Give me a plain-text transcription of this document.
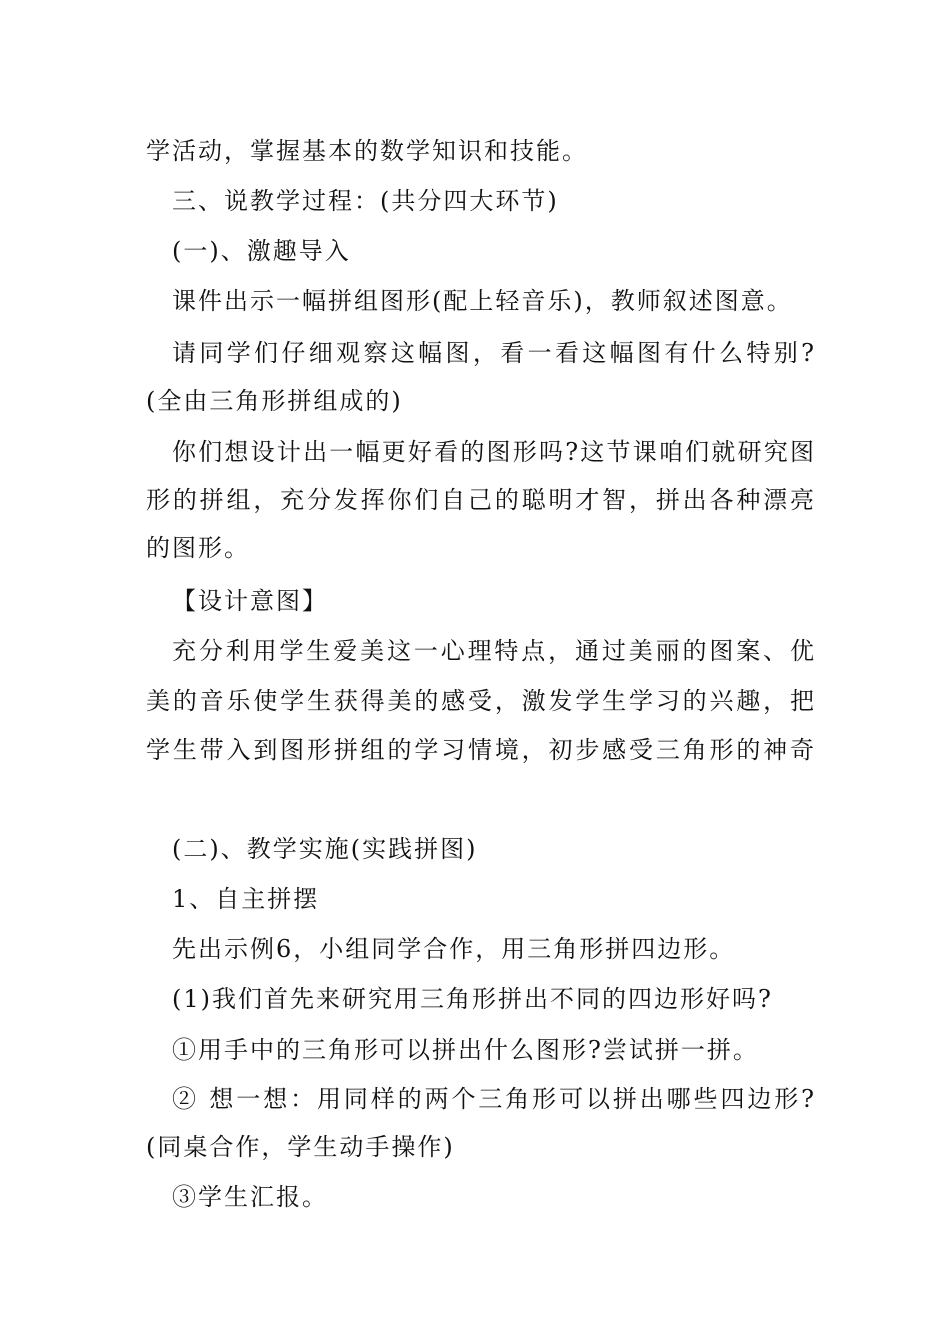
学活动，掌握基本的数学知识和技能。
三、说教学过程：(共分四大环节)
(一)、激趣导入
课件出示一幅拼组图形(配上轻音乐)，教师叙述图意。
请同学们仔细观察这幅图，看一看这幅图有什么特别?
(全由三角形拼组成的)
你们想设计出一幅更好看的图形吗?这节课咱们就研究图
形的拼组，充分发挥你们自己的聪明才智，拼出各种漂亮
的图形。
【设计意图】
充分利用学生爱美这一心理特点，通过美丽的图案、优
美的音乐使学生获得美的感受，激发学生学习的兴趣，把
学生带入到图形拼组的学习情境，初步感受三角形的神奇
(二)、教学实施(实践拼图)
1、自主拼摆
先出示例6，小组同学合作，用三角形拼四边形。
(1)我们首先来研究用三角形拼出不同的四边形好吗?
①用手中的三角形可以拼出什么图形?尝试拼一拼。
② 想一想：用同样的两个三角形可以拼出哪些四边形?
(同桌合作，学生动手操作)
③学生汇报。
